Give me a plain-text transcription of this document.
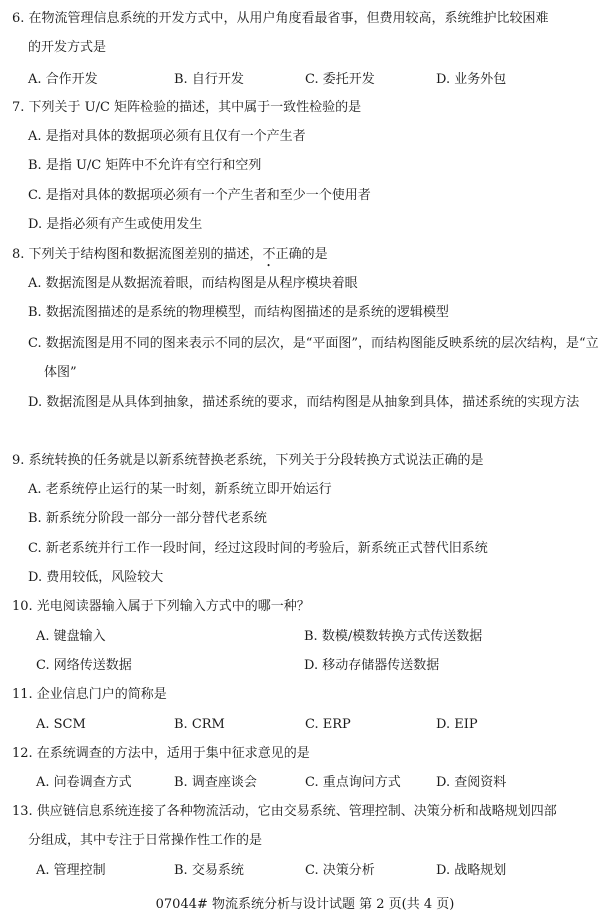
6. 在物流管理信息系统的开发方式中，从用户角度看最省事，但费用较高，系统维护比较困难
的开发方式是
A. 合作开发	B. 自行开发	C. 委托开发	D. 业务外包
7. 下列关于 U/C 矩阵检验的描述，其中属于一致性检验的是
A. 是指对具体的数据项必须有且仅有一个产生者
B. 是指 U/C 矩阵中不允许有空行和空列
C. 是指对具体的数据项必须有一个产生者和至少一个使用者
D. 是指必须有产生或使用发生
8. 下列关于结构图和数据流图差别的描述，不正确的是
A. 数据流图是从数据流着眼，而结构图是从程序模块着眼
B. 数据流图描述的是系统的物理模型，而结构图描述的是系统的逻辑模型
C. 数据流图是用不同的图来表示不同的层次，是“平面图”，而结构图能反映系统的层次结构，是“立体图”
D. 数据流图是从具体到抽象，描述系统的要求，而结构图是从抽象到具体，描述系统的实现方法
9. 系统转换的任务就是以新系统替换老系统，下列关于分段转换方式说法正确的是
A. 老系统停止运行的某一时刻，新系统立即开始运行
B. 新系统分阶段一部分一部分替代老系统
C. 新老系统并行工作一段时间，经过这段时间的考验后，新系统正式替代旧系统
D. 费用较低，风险较大
10. 光电阅读器输入属于下列输入方式中的哪一种？
A. 键盘输入	B. 数模/模数转换方式传送数据
C. 网络传送数据	D. 移动存储器传送数据
11. 企业信息门户的简称是
A. SCM	B. CRM	C. ERP	D. EIP
12. 在系统调查的方法中，适用于集中征求意见的是
A. 问卷调查方式	B. 调查座谈会	C. 重点询问方式	D. 查阅资料
13. 供应链信息系统连接了各种物流活动，它由交易系统、管理控制、决策分析和战略规划四部
分组成，其中专注于日常操作性工作的是
A. 管理控制	B. 交易系统	C. 决策分析	D. 战略规划
07044# 物流系统分析与设计试题 第 2 页(共 4 页)
